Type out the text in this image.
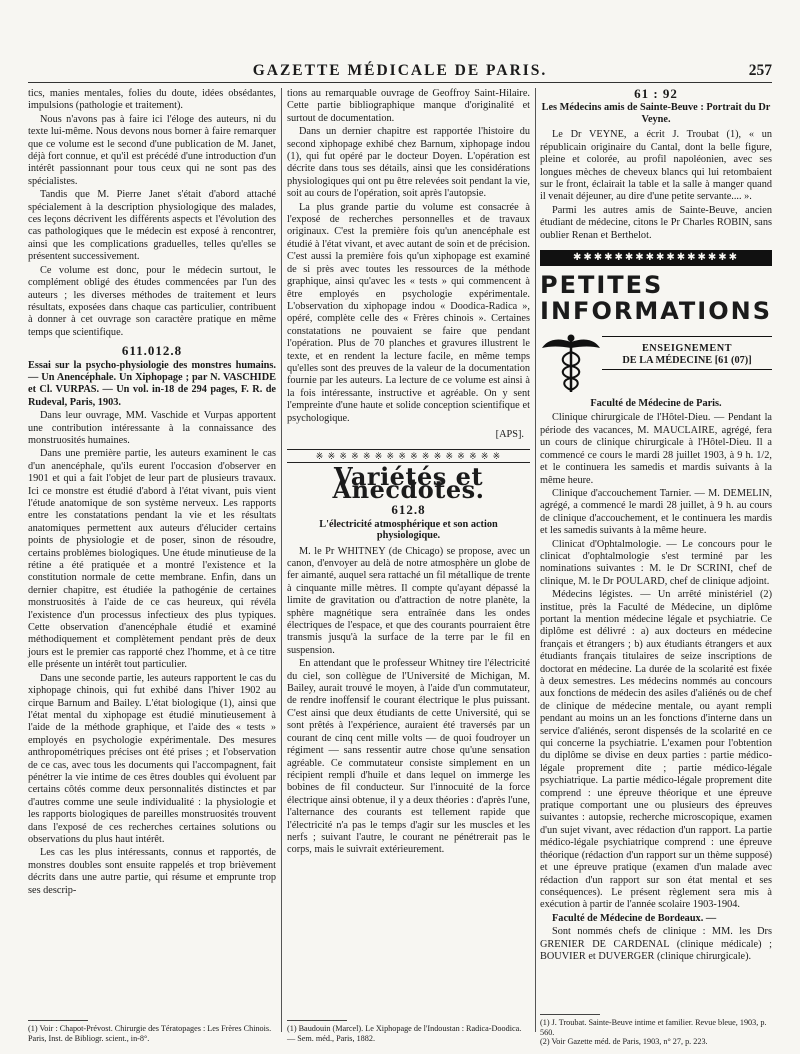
GAZETTE MÉDICALE DE PARIS.	257

tics, manies mentales, folies du doute, idées obsédantes, impulsions (pathologie et traitement).

Nous n'avons pas à faire ici l'éloge des auteurs, ni du texte lui-même. Nous devons nous borner à faire remarquer que ce volume est le second d'une publication de M. Janet, déjà fort connue, et qu'il est précédé d'une introduction d'un intérêt passionnant pour tous ceux qui ne sont pas des spécialistes.

Tandis que M. Pierre Janet s'était d'abord attaché spécialement à la description physiologique des malades, ces leçons décrivent les différents aspects et l'évolution des cas pathologiques que le médecin est exposé à rencontrer, ainsi que les complications graduelles, telles qu'elles se présentent successivement.

Ce volume est donc, pour le médecin surtout, le complément obligé des études commencées par l'un des auteurs ; les diverses méthodes de traitement et leurs résultats, exposées dans chaque cas particulier, contribuent à donner à cet ouvrage son caractère pratique en même temps que scientifique.

611.012.8

Essai sur la psycho-physiologie des monstres humains. — Un Anencéphale. Un Xiphopage ; par N. VASCHIDE et Cl. VURPAS. — Un vol. in-18 de 294 pages, F. R. de Rudeval, Paris, 1903.

Dans leur ouvrage, MM. Vaschide et Vurpas apportent une contribution intéressante à la connaissance des monstruosités humaines.

Dans une première partie, les auteurs examinent le cas d'un anencéphale, qu'ils eurent l'occasion d'observer en 1901 et qui a fait l'objet de leur part de plusieurs travaux. Ici ce monstre est étudié d'abord à l'état vivant, puis vient l'étude anatomique de son système nerveux. Les rapports entre les constatations pendant la vie et les résultats anatomiques permettent aux auteurs d'élucider certains points de physiologie et de poser, sinon de résoudre, certains problèmes biologiques. Une étude minutieuse de la rétine a été pratiquée et a montré l'existence et la constitution normale de cette membrane. Enfin, dans un dernier chapitre, est étudiée la pathogénie de certaines monstruosités à l'aide de ce cas heureux, qui révéla l'existence d'un processus infectieux des plus typiques. Cette observation d'anencéphale étudié et examiné méthodiquement et complètement pendant près de deux jours est le premier cas rapporté chez l'homme, et à ce titre elle présente un intérêt tout particulier.

Dans une seconde partie, les auteurs rapportent le cas du xiphopage chinois, qui fut exhibé dans l'hiver 1902 au cirque Barnum and Bailey. L'état biologique (1), ainsi que l'état mental du xiphopage est étudié minutieusement à l'aide de la méthode graphique, et l'aide des « tests » employés en psychologie expérimentale. Des mesures anthropométriques précises ont été prises ; et l'observation de ce cas, avec tous les documents qui l'accompagnent, fait pénétrer la vie intime de ces êtres doubles qui évoluent par certains côtés comme deux personnalités distinctes et par d'autres comme une seule individualité : la physiologie et les rapports biologiques de pareilles monstruosités trouvent dans l'exposé de ces recherches certaines solutions ou observations du plus haut intérêt.

Les cas les plus intéressants, connus et rapportés, de monstres doubles sont ensuite rappelés et trop brièvement décrits dans une autre partie, qui résume et emprunte trop ses descrip-

(1) Voir : Chapot-Prévost. Chirurgie des Tératopages : Les Frères Chinois. Paris, Inst. de Bibliogr. scient., in-8°.

tions au remarquable ouvrage de Geoffroy Saint-Hilaire. Cette partie bibliographique manque d'originalité et surtout de documentation.

Dans un dernier chapitre est rapportée l'histoire du second xiphopage exhibé chez Barnum, xiphopage indou (1), qui fut opéré par le docteur Doyen. L'opération est décrite dans tous ses détails, ainsi que les considérations physiologiques qui ont pu être relevées soit pendant la vie, soit au cours de l'opération, soit après l'autopsie.

La plus grande partie du volume est consacrée à l'exposé de recherches personnelles et de travaux originaux. C'est la première fois qu'un anencéphale est étudié à l'état vivant, et avec autant de soin et de précision. C'est aussi la première fois qu'un xiphopage est examiné de si près avec toutes les ressources de la méthode graphique, ainsi qu'avec les « tests » qui commencent à être employés en psychologie expérimentale. L'observation du xiphopage indou « Doodica-Radica », opéré, complète celle des « Frères chinois ». Certaines constatations ne pouvaient se faire que pendant l'opération. Plus de 70 planches et gravures illustrent le texte, et en rendent la lecture facile, en même temps qu'elles sont des preuves de la valeur de la documentation fournie par les auteurs. La lecture de ce volume est ainsi à la fois intéressante, instructive et agréable. On y sent l'empreinte d'une haute et solide conception scientifique et psychologique.

[APS].
※ ※ ※ ※ ※ ※ ※ ※ ※ ※ ※ ※ ※ ※ ※ ※
Variétés et Anecdotes.
612.8
L'électricité atmosphérique et son action physiologique.

M. le Pr WHITNEY (de Chicago) se propose, avec un canon, d'envoyer au delà de notre atmosphère un globe de fer aimanté, auquel sera rattaché un fil métallique de trente à cinquante mille mètres. Il compte qu'ayant dépassé la limite de gravitation ou d'attraction de notre planète, la sphère magnétique sera entraînée dans les ondes électriques de l'espace, et que des courants pourraient être transmis jusqu'à la surface de la terre par le fil en suspension.

En attendant que le professeur Whitney tire l'électricité du ciel, son collègue de l'Université de Michigan, M. Bailey, aurait trouvé le moyen, à l'aide d'un commutateur, de rendre inoffensif le courant électrique le plus puissant. C'est ainsi que deux étudiants de cette Université, qui se sont prêtés à l'expérience, auraient été traversés par un courant de cinq cent mille volts — de quoi foudroyer un régiment — sans ressentir autre chose qu'une sensation agréable. Ce commutateur consiste simplement en un récipient rempli d'huile et dans lequel on immerge les bobines de fil conducteur. Sur l'innocuité de la force électrique ainsi obtenue, il y a deux théories : d'après l'une, l'alternance des courants est tellement rapide que l'électricité n'a pas le temps d'agir sur les muscles et les nerfs ; suivant l'autre, le courant ne pénétrerait pas le corps, mais le suivrait extérieurement.

(1) Baudouin (Marcel). Le Xiphopage de l'Indoustan : Radica-Doodica. — Sem. méd., Paris, 1882.
61 : 92
Les Médecins amis de Sainte-Beuve : Portrait du Dr Veyne.

Le Dr VEYNE, a écrit J. Troubat (1), « un républicain originaire du Cantal, dont la belle figure, pleine et colorée, au profil napoléonien, avec ses longues mèches de cheveux blancs qui lui retombaient sur le front, éclairait la table et la salle à manger quand il venait déjeuner, au dire d'une petite servante.... ».

Parmi les autres amis de Sainte-Beuve, ancien étudiant de médecine, citons le Pr Charles ROBIN, sans oublier Renan et Berthelot.

✱✱✱✱✱✱✱✱✱✱✱✱✱✱✱✱
PETITES
INFORMATIONS
ENSEIGNEMENT
DE LA MÉDECINE [61 (07)]
Faculté de Médecine de Paris.

Clinique chirurgicale de l'Hôtel-Dieu. — Pendant la période des vacances, M. MAUCLAIRE, agrégé, fera un cours de clinique chirurgicale à l'Hôtel-Dieu. Il a commencé ce cours le mardi 28 juillet 1903, à 9 h. 1/2, et le continuera les samedis et mardis suivants à la même heure.

Clinique d'accouchement Tarnier. — M. DEMELIN, agrégé, a commencé le mardi 28 juillet, à 9 h. au cours de clinique d'accouchement, et le continuera les mardis et les samedis suivants à la même heure.

Clinicat d'Ophtalmologie. — Le concours pour le clinicat d'ophtalmologie s'est terminé par les nominations suivantes : M. le Dr SCRINI, chef de clinique, M. le Dr POULARD, chef de clinique adjoint.

Médecins légistes. — Un arrêté ministériel (2) institue, près la Faculté de Médecine, un diplôme portant la mention médecine légale et psychiatrie. Ce diplôme est délivré : a) aux docteurs en médecine français et étrangers ; b) aux étudiants étrangers et aux étudiants français titulaires de seize inscriptions de doctorat en médecine. La durée de la scolarité est fixée à deux semestres. Les médecins nommés au concours aux fonctions de médecin des asiles d'aliénés ou de chef de clinique de médecine mentale, ou ayant rempli pendant au moins un an les fonctions d'interne dans un service d'aliénés, seront dispensés de la scolarité en ce qui concerne la psychiatrie. L'examen pour l'obtention du diplôme se divise en deux parties : partie médico-légale proprement dite ; partie médico-légale psychiatrique. La partie médico-légale proprement dite comprend : une épreuve théorique et une épreuve pratique comportant une ou plusieurs des épreuves suivantes : autopsie, recherche microscopique, examen d'un sujet vivant, avec rédaction d'un rapport. La partie médico-légale psychiatrique comprend : une épreuve théorique (rédaction d'un rapport sur un thème supposé) et une épreuve pratique (examen d'un malade avec rédaction d'un rapport sur son état mental et ses conséquences). Le présent règlement sera mis à exécution à partir de l'année scolaire 1903-1904.

Faculté de Médecine de Bordeaux. —

Sont nommés chefs de clinique : MM. les Drs GRENIER DE CARDENAL (clinique médicale) ; BOUVIER et DUVERGER (clinique chirurgicale).

(1) J. Troubat. Sainte-Beuve intime et familier. Revue bleue, 1903, p. 560.
(2) Voir Gazette méd. de Paris, 1903, n° 27, p. 223.
